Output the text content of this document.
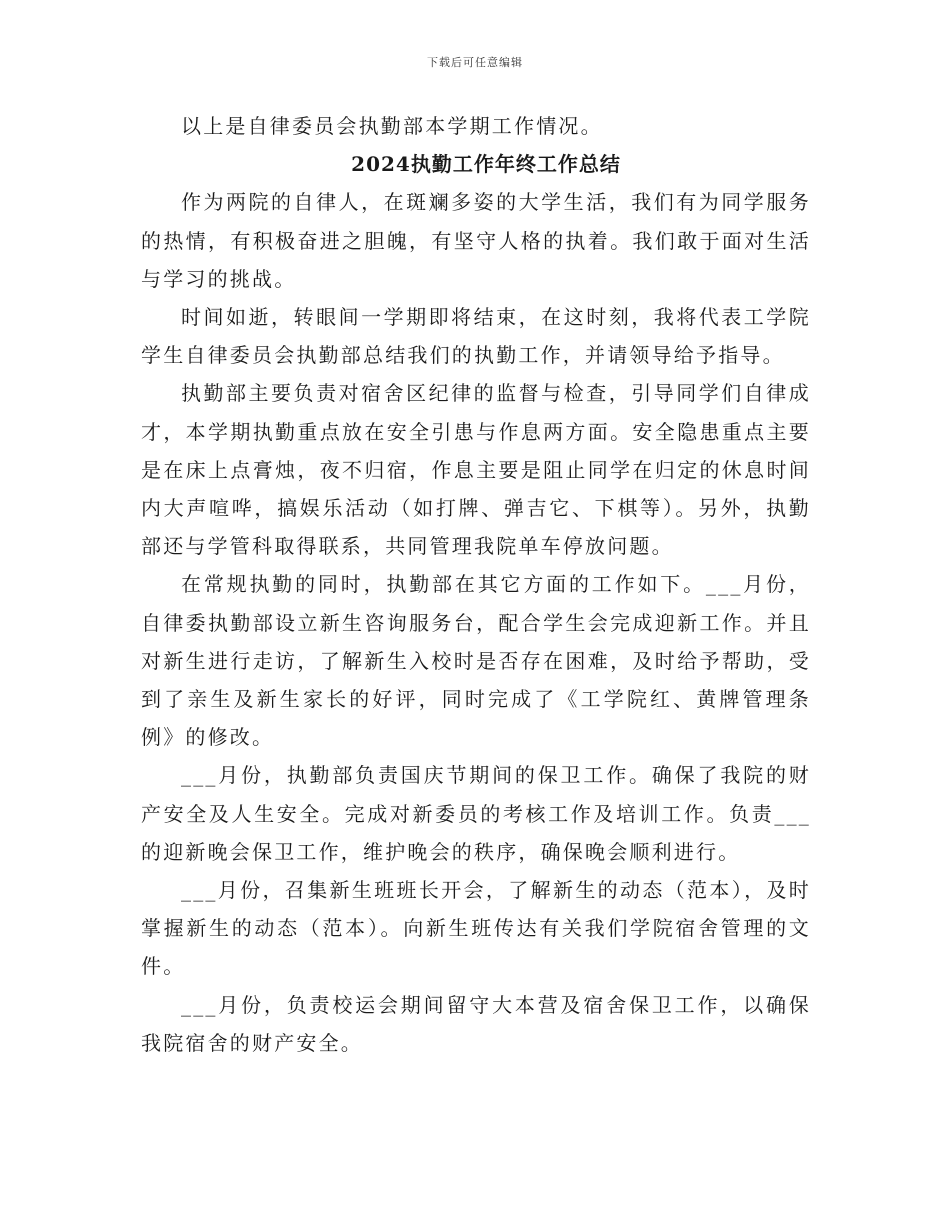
下载后可任意编辑

以上是自律委员会执勤部本学期工作情况。

2024执勤工作年终工作总结

作为两院的自律人，在斑斓多姿的大学生活，我们有为同学服务的热情，有积极奋进之胆魄，有坚守人格的执着。我们敢于面对生活与学习的挑战。

时间如逝，转眼间一学期即将结束，在这时刻，我将代表工学院学生自律委员会执勤部总结我们的执勤工作，并请领导给予指导。

执勤部主要负责对宿舍区纪律的监督与检查，引导同学们自律成才，本学期执勤重点放在安全引患与作息两方面。安全隐患重点主要是在床上点膏烛，夜不归宿，作息主要是阻止同学在归定的休息时间内大声喧哗，搞娱乐活动（如打牌、弹吉它、下棋等）。另外，执勤部还与学管科取得联系，共同管理我院单车停放问题。

在常规执勤的同时，执勤部在其它方面的工作如下。___月份，自律委执勤部设立新生咨询服务台，配合学生会完成迎新工作。并且对新生进行走访，了解新生入校时是否存在困难，及时给予帮助，受到了亲生及新生家长的好评，同时完成了《工学院红、黄牌管理条例》的修改。

___月份，执勤部负责国庆节期间的保卫工作。确保了我院的财产安全及人生安全。完成对新委员的考核工作及培训工作。负责___的迎新晚会保卫工作，维护晚会的秩序，确保晚会顺利进行。

___月份，召集新生班班长开会，了解新生的动态（范本），及时掌握新生的动态（范本）。向新生班传达有关我们学院宿舍管理的文件。

___月份，负责校运会期间留守大本营及宿舍保卫工作，以确保我院宿舍的财产安全。
